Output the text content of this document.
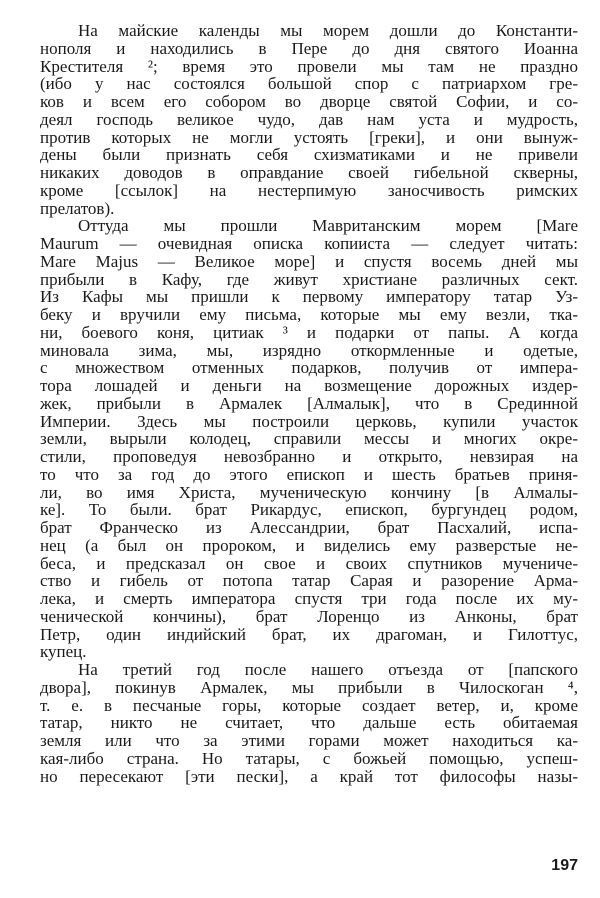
На майские календы мы морем дошли до Константи-
нополя и находились в Пере до дня святого Иоанна
Крестителя ²; время это провели мы там не праздно
(ибо у нас состоялся большой спор с патриархом гре-
ков и всем его собором во дворце святой Софии, и со-
деял господь великое чудо, дав нам уста и мудрость,
против которых не могли устоять [греки], и они вынуж-
дены были признать себя схизматиками и не привели
никаких доводов в оправдание своей гибельной скверны,
кроме [ссылок] на нестерпимую заносчивость римских
прелатов).
Оттуда мы прошли Мавританским морем [Mare
Maurum — очевидная описка копииста — следует читать:
Mare Majus — Великое море] и спустя восемь дней мы
прибыли в Кафу, где живут христиане различных сект.
Из Кафы мы пришли к первому императору татар Уз-
беку и вручили ему письма, которые мы ему везли, тка-
ни, боевого коня, цитиак ³ и подарки от папы. А когда
миновала зима, мы, изрядно откормленные и одетые,
с множеством отменных подарков, получив от импера-
тора лошадей и деньги на возмещение дорожных издер-
жек, прибыли в Армалек [Алмалык], что в Срединной
Империи. Здесь мы построили церковь, купили участок
земли, вырыли колодец, справили мессы и многих окре-
стили, проповедуя невозбранно и открыто, невзирая на
то что за год до этого епископ и шесть братьев приня-
ли, во имя Христа, мученическую кончину [в Алмалы-
ке]. То были. брат Рикардус, епископ, бургундец родом,
брат Франческо из Алессандрии, брат Пасхалий, испа-
нец (а был он пророком, и виделись ему разверстые не-
беса, и предсказал он свое и своих спутников мучениче-
ство и гибель от потопа татар Сарая и разорение Арма-
лека, и смерть императора спустя три года после их му-
ченической кончины), брат Лоренцо из Анконы, брат
Петр, один индийский брат, их драгоман, и Гилоттус,
купец.
На третий год после нашего отъезда от [папского
двора], покинув Армалек, мы прибыли в Чилоскоган ⁴,
т. е. в песчаные горы, которые создает ветер, и, кроме
татар, никто не считает, что дальше есть обитаемая
земля или что за этими горами может находиться ка-
кая-либо страна. Но татары, с божьей помощью, успеш-
но пересекают [эти пески], а край тот философы назы-
197
